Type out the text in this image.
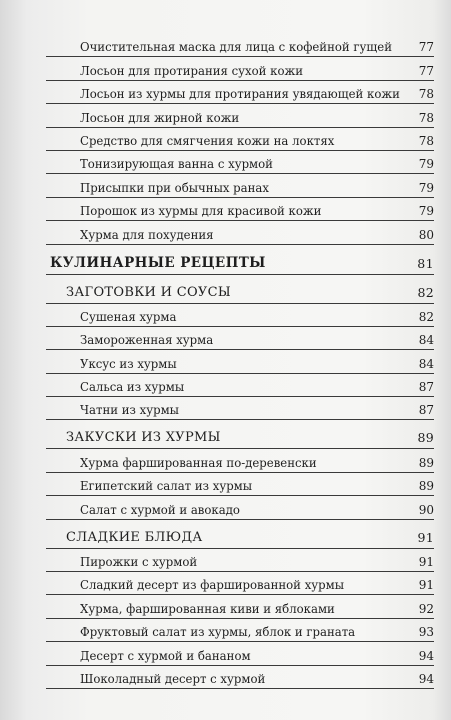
Очистительная маска для лица с кофейной гущей	77
Лосьон для протирания сухой кожи	77
Лосьон из хурмы для протирания увядающей кожи	78
Лосьон для жирной кожи	78
Средство для смягчения кожи на локтях	78
Тонизирующая ванна с хурмой	79
Присыпки при обычных ранах	79
Порошок из хурмы для красивой кожи	79
Хурма для похудения	80
КУЛИНАРНЫЕ РЕЦЕПТЫ	81
ЗАГОТОВКИ И СОУСЫ	82
Сушеная хурма	82
Замороженная хурма	84
Уксус из хурмы	84
Сальса из хурмы	87
Чатни из хурмы	87
ЗАКУСКИ ИЗ ХУРМЫ	89
Хурма фаршированная по-деревенски	89
Египетский салат из хурмы	89
Салат с хурмой и авокадо	90
СЛАДКИЕ БЛЮДА	91
Пирожки с хурмой	91
Сладкий десерт из фаршированной хурмы	91
Хурма, фаршированная киви и яблоками	92
Фруктовый салат из хурмы, яблок и граната	93
Десерт с хурмой и бананом	94
Шоколадный десерт с хурмой	94
